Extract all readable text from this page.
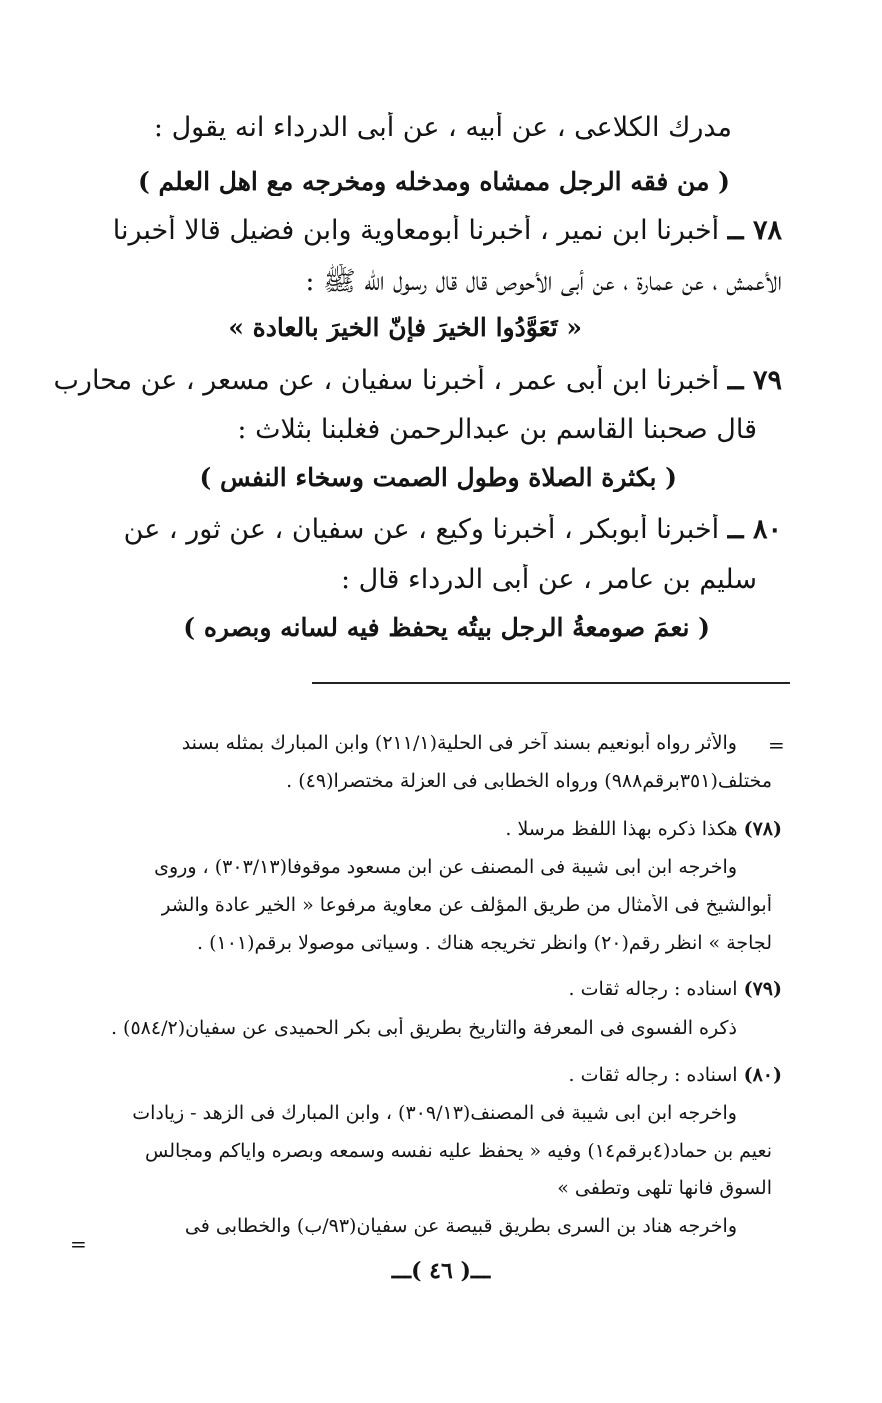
مدرك الكلاعى ، عن أبيه ، عن أبى الدرداء انه يقول :
( من فقه الرجل ممشاه ومدخله ومخرجه مع اهل العلم )
٧٨ ــ أخبرنا ابن نمير ، أخبرنا أبومعاوية وابن فضيل قالا أخبرنا
الأعمش ، عن عمارة ، عن أبى الأحوص قال قال رسول الله ﷺ :
« تَعَوَّدُوا الخيرَ فإنّ الخيرَ بالعادة »
٧٩ ــ أخبرنا ابن أبى عمر ، أخبرنا سفيان ، عن مسعر ، عن محارب
قال صحبنا القاسم بن عبدالرحمن فغلبنا بثلاث :
( بكثرة الصلاة وطول الصمت وسخاء النفس )
٨٠ ــ أخبرنا أبوبكر ، أخبرنا وكيع ، عن سفيان ، عن ثور ، عن
سليم بن عامر ، عن أبى الدرداء قال :
( نعمَ صومعةُ الرجل بيتُه يحفظ فيه لسانه وبصره )
=
والأثر رواه أبونعيم بسند آخر فى الحلية(٢١١/١) وابن المبارك بمثله بسند
مختلف(٣٥١برقم٩٨٨) ورواه الخطابى فى العزلة مختصرا(٤٩) .
(٧٨) هكذا ذكره بهذا اللفظ مرسلا .
واخرجه ابن ابى شيبة فى المصنف عن ابن مسعود موقوفا(٣٠٣/١٣) ، وروى
أبوالشيخ فى الأمثال من طريق المؤلف عن معاوية مرفوعا « الخير عادة والشر
لجاجة » انظر رقم(٢٠) وانظر تخريجه هناك . وسياتى موصولا برقم(١٠١) .
(٧٩) اسناده : رجاله ثقات .
ذكره الفسوى فى المعرفة والتاريخ بطريق أبى بكر الحميدى عن سفيان(٥٨٤/٢) .
(٨٠) اسناده : رجاله ثقات .
واخرجه ابن ابى شيبة فى المصنف(٣٠٩/١٣) ، وابن المبارك فى الزهد - زيادات
نعيم بن حماد(٤برقم١٤) وفيه « يحفظ عليه نفسه وسمعه وبصره واياكم ومجالس
السوق فانها تلهى وتطفى »
واخرجه هناد بن السرى بطريق قبيصة عن سفيان(٩٣/ب) والخطابى فى
=
ـــ( ٤٦ )ـــ
